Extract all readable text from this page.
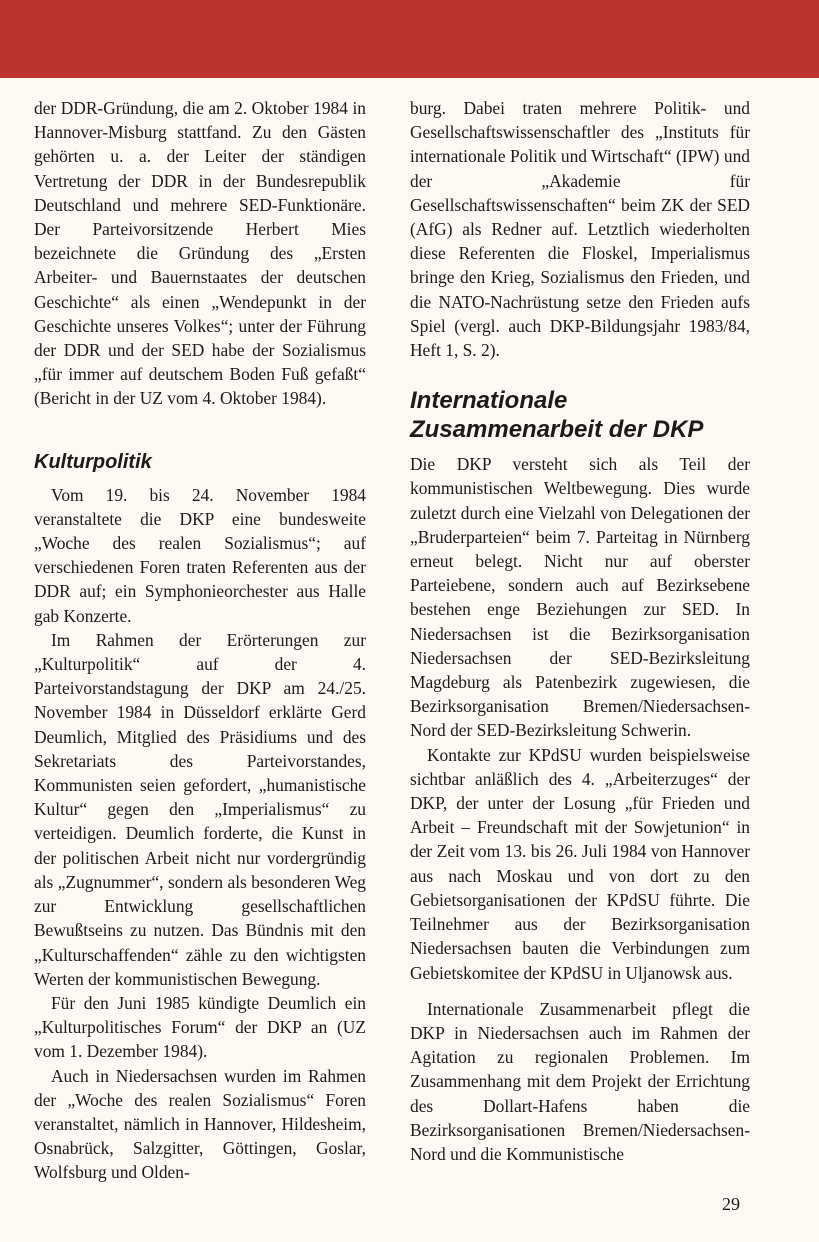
der DDR-Gründung, die am 2. Oktober 1984 in Hannover-Misburg stattfand. Zu den Gästen gehörten u. a. der Leiter der ständigen Vertretung der DDR in der Bundesrepublik Deutschland und mehrere SED-Funktionäre. Der Parteivorsitzende Herbert Mies bezeichnete die Gründung des „Ersten Arbeiter- und Bauernstaates der deutschen Geschichte“ als einen „Wendepunkt in der Geschichte unseres Volkes“; unter der Führung der DDR und der SED habe der Sozialismus „für immer auf deutschem Boden Fuß gefaßt“ (Bericht in der UZ vom 4. Oktober 1984).

Kulturpolitik

Vom 19. bis 24. November 1984 veranstaltete die DKP eine bundesweite „Woche des realen Sozialismus“; auf verschiedenen Foren traten Referenten aus der DDR auf; ein Symphonieorchester aus Halle gab Konzerte.

Im Rahmen der Erörterungen zur „Kulturpolitik“ auf der 4. Parteivorstandstagung der DKP am 24./25. November 1984 in Düsseldorf erklärte Gerd Deumlich, Mitglied des Präsidiums und des Sekretariats des Parteivorstandes, Kommunisten seien gefordert, „humanistische Kultur“ gegen den „Imperialismus“ zu verteidigen. Deumlich forderte, die Kunst in der politischen Arbeit nicht nur vordergründig als „Zugnummer“, sondern als besonderen Weg zur Entwicklung gesellschaftlichen Bewußtseins zu nutzen. Das Bündnis mit den „Kulturschaffenden“ zähle zu den wichtigsten Werten der kommunistischen Bewegung.

Für den Juni 1985 kündigte Deumlich ein „Kulturpolitisches Forum“ der DKP an (UZ vom 1. Dezember 1984).

Auch in Niedersachsen wurden im Rahmen der „Woche des realen Sozialismus“ Foren veranstaltet, nämlich in Hannover, Hildesheim, Osnabrück, Salzgitter, Göttingen, Goslar, Wolfsburg und Olden-

burg. Dabei traten mehrere Politik- und Gesellschaftswissenschaftler des „Instituts für internationale Politik und Wirtschaft“ (IPW) und der „Akademie für Gesellschaftswissenschaften“ beim ZK der SED (AfG) als Redner auf. Letztlich wiederholten diese Referenten die Floskel, Imperialismus bringe den Krieg, Sozialismus den Frieden, und die NATO-Nachrüstung setze den Frieden aufs Spiel (vergl. auch DKP-Bildungsjahr 1983/84, Heft 1, S. 2).

Internationale
Zusammenarbeit der DKP

Die DKP versteht sich als Teil der kommunistischen Weltbewegung. Dies wurde zuletzt durch eine Vielzahl von Delegationen der „Bruderparteien“ beim 7. Parteitag in Nürnberg erneut belegt. Nicht nur auf oberster Parteiebene, sondern auch auf Bezirksebene bestehen enge Beziehungen zur SED. In Niedersachsen ist die Bezirksorganisation Niedersachsen der SED-Bezirksleitung Magdeburg als Patenbezirk zugewiesen, die Bezirksorganisation Bremen/Niedersachsen-Nord der SED-Bezirksleitung Schwerin.

Kontakte zur KPdSU wurden beispielsweise sichtbar anläßlich des 4. „Arbeiterzuges“ der DKP, der unter der Losung „für Frieden und Arbeit – Freundschaft mit der Sowjetunion“ in der Zeit vom 13. bis 26. Juli 1984 von Hannover aus nach Moskau und von dort zu den Gebietsorganisationen der KPdSU führte. Die Teilnehmer aus der Bezirksorganisation Niedersachsen bauten die Verbindungen zum Gebietskomitee der KPdSU in Uljanowsk aus.

Internationale Zusammenarbeit pflegt die DKP in Niedersachsen auch im Rahmen der Agitation zu regionalen Problemen. Im Zusammenhang mit dem Projekt der Errichtung des Dollart-Hafens haben die Bezirksorganisationen Bremen/Niedersachsen-Nord und die Kommunistische

29
